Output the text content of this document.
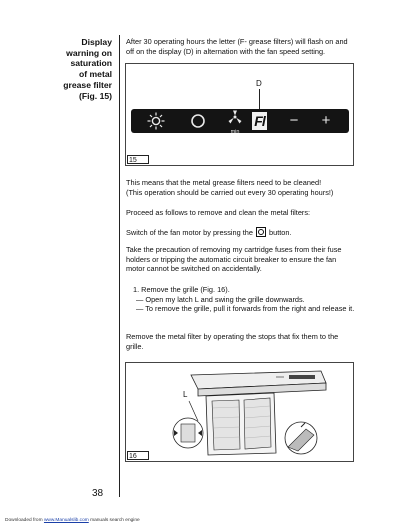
Display
warning on
saturation
of metal
grease filter
(Fig. 15)
After 30 operating hours the letter (F- grease filters) will flash on and off on the display (D) in alternation with the fan speed setting.
D
min
Fl	−	+
15
This means that the metal grease filters need to be cleaned!
(This operation should be carried out every 30 operating hours!)
Proceed as follows to remove and clean the metal filters:
Switch of the fan motor by pressing the button.
Take the precaution of removing my cartridge fuses from their fuse holders or tripping the automatic circuit breaker to ensure the fan motor cannot be switched on accidentally.
1. Remove the grille (Fig. 16).
— Open my latch L and swing the grille downwards.
— To remove the grille, pull it forwards from the right and release it.
Remove the metal filter by operating the stops that fix them to the grille.
L
16
38
Downloaded from www.Manualslib.com manuals search engine
